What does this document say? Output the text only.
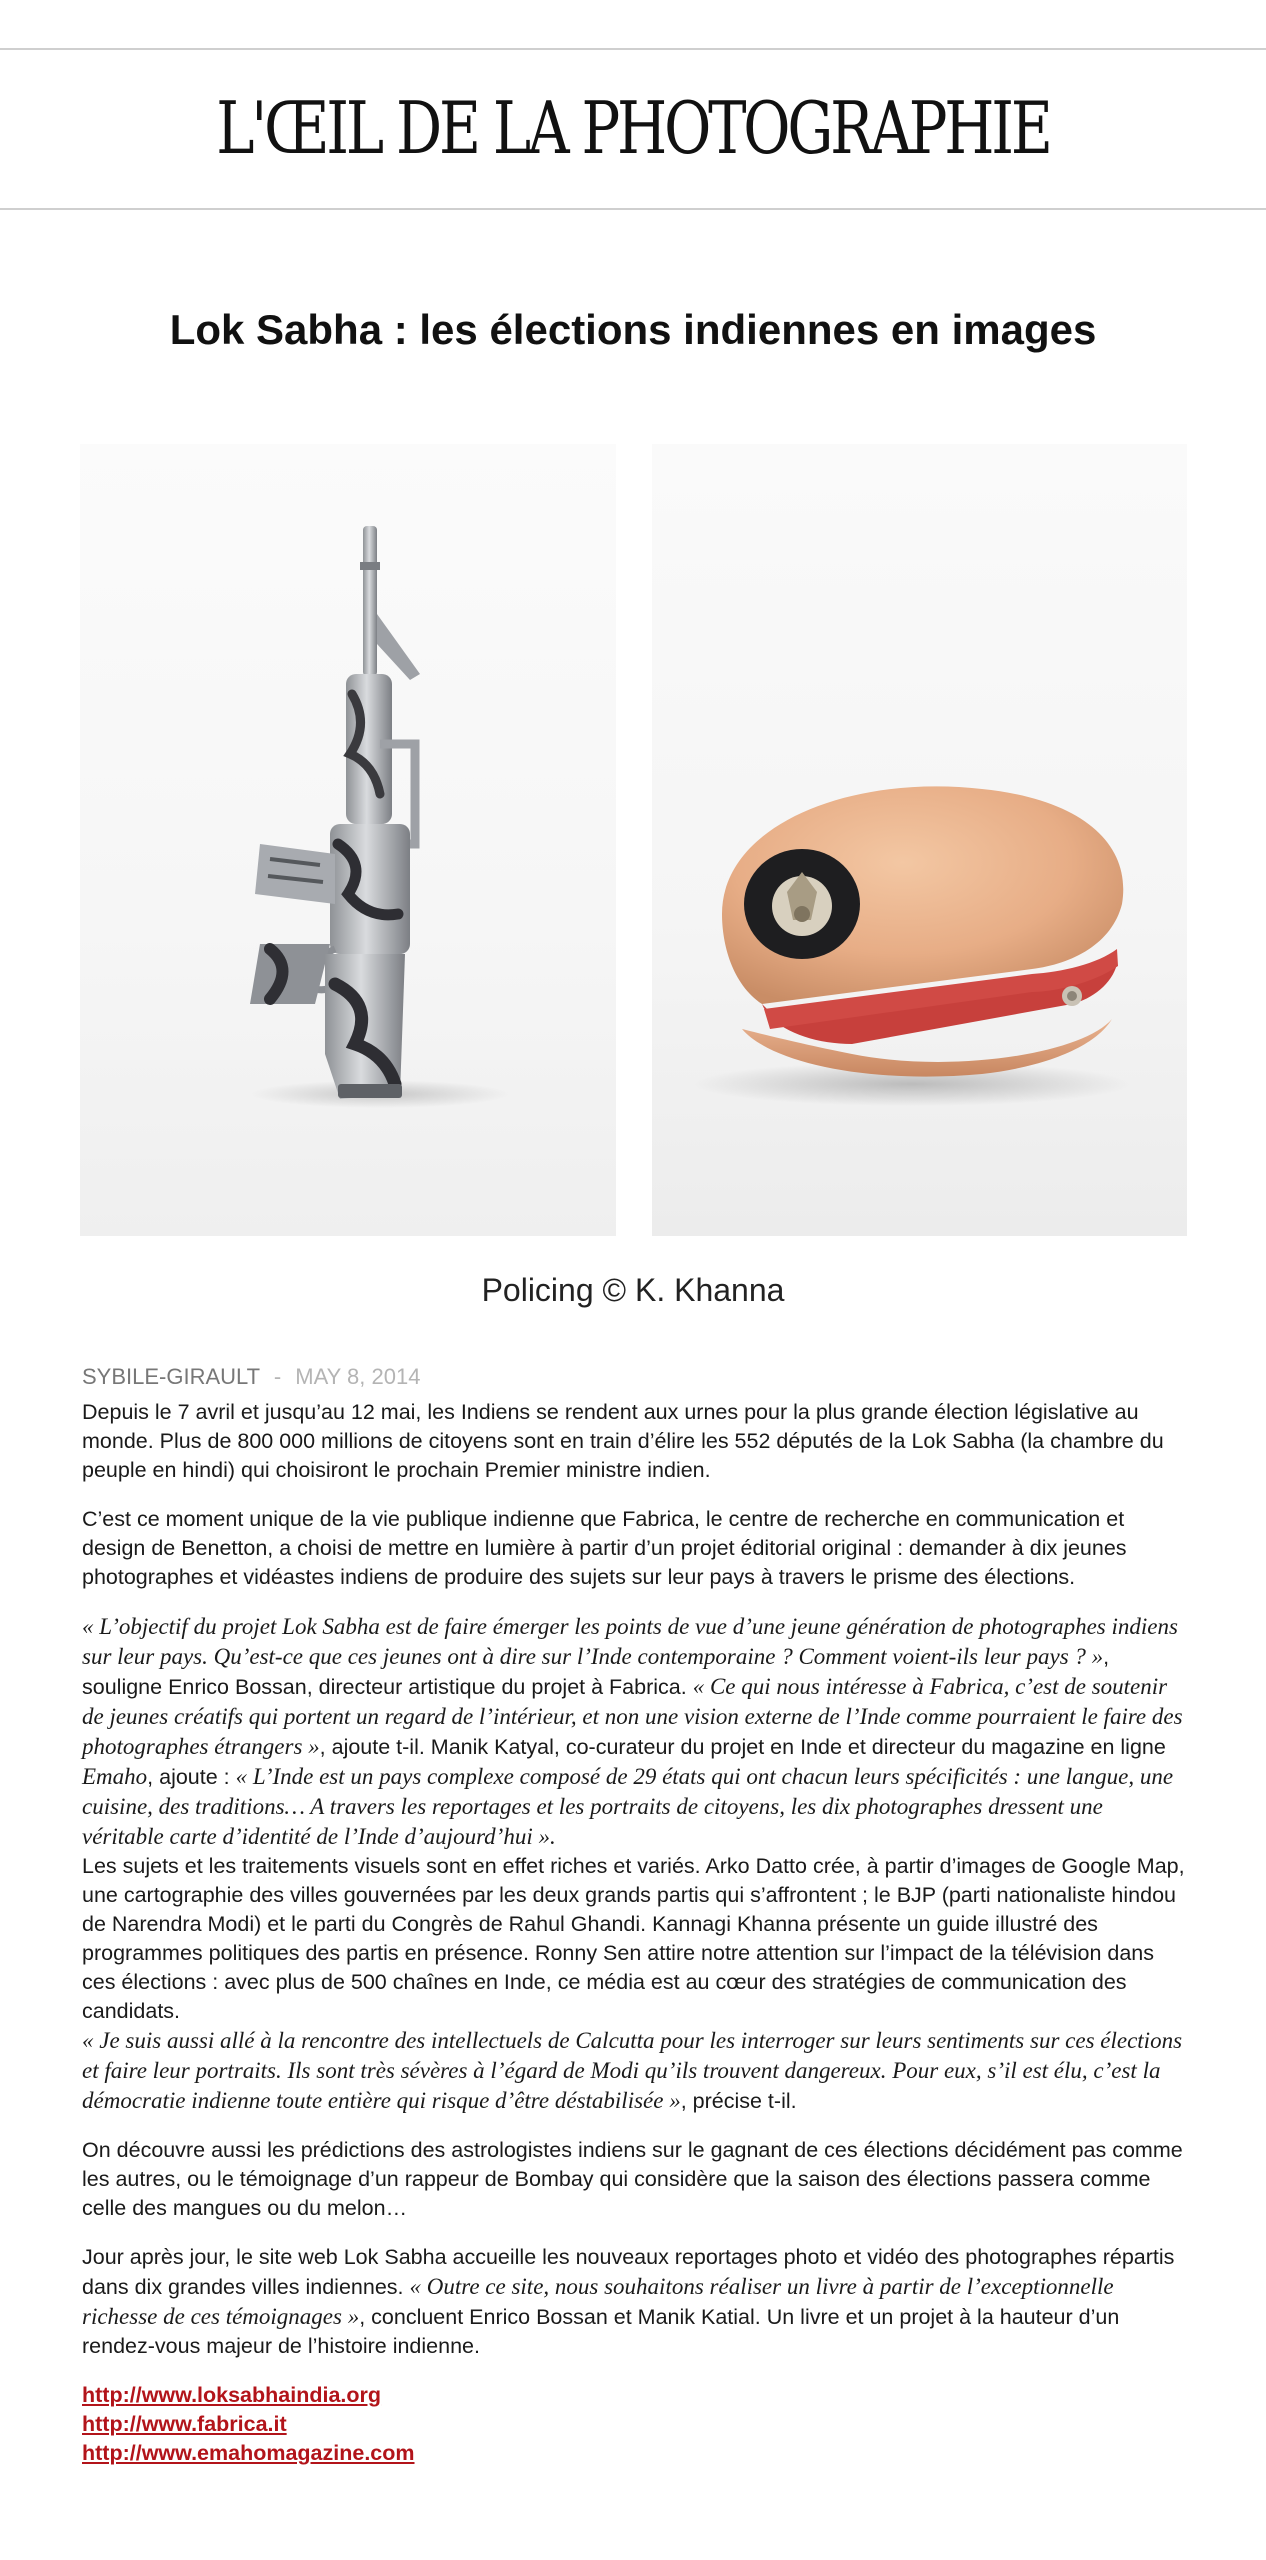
L'ŒIL DE LA PHOTOGRAPHIE
Lok Sabha : les élections indiennes en images
Policing © K. Khanna
SYBILE-GIRAULT - MAY 8, 2014

Depuis le 7 avril et jusqu’au 12 mai, les Indiens se rendent aux urnes pour la plus grande élection législative au monde. Plus de 800 000 millions de citoyens sont en train d’élire les 552 députés de la Lok Sabha (la chambre du peuple en hindi) qui choisiront le prochain Premier ministre indien.

C’est ce moment unique de la vie publique indienne que Fabrica, le centre de recherche en communication et design de Benetton, a choisi de mettre en lumière à partir d’un projet éditorial original : demander à dix jeunes photographes et vidéastes indiens de produire des sujets sur leur pays à travers le prisme des élections.

« L’objectif du projet Lok Sabha est de faire émerger les points de vue d’une jeune génération de photographes indiens sur leur pays. Qu’est-ce que ces jeunes ont à dire sur l’Inde contemporaine ? Comment voient-ils leur pays ? », souligne Enrico Bossan, directeur artistique du projet à Fabrica. « Ce qui nous intéresse à Fabrica, c’est de soutenir de jeunes créatifs qui portent un regard de l’intérieur, et non une vision externe de l’Inde comme pourraient le faire des photographes étrangers », ajoute t-il. Manik Katyal, co-curateur du projet en Inde et directeur du magazine en ligne Emaho, ajoute : « L’Inde est un pays complexe composé de 29 états qui ont chacun leurs spécificités : une langue, une cuisine, des traditions… A travers les reportages et les portraits de citoyens, les dix photographes dressent une véritable carte d’identité de l’Inde d’aujourd’hui ».

Les sujets et les traitements visuels sont en effet riches et variés. Arko Datto crée, à partir d’images de Google Map, une cartographie des villes gouvernées par les deux grands partis qui s’affrontent ; le BJP (parti nationaliste hindou de Narendra Modi) et le parti du Congrès de Rahul Ghandi. Kannagi Khanna présente un guide illustré des programmes politiques des partis en présence. Ronny Sen attire notre attention sur l’impact de la télévision dans ces élections : avec plus de 500 chaînes en Inde, ce média est au cœur des stratégies de communication des candidats.

« Je suis aussi allé à la rencontre des intellectuels de Calcutta pour les interroger sur leurs sentiments sur ces élections et faire leur portraits. Ils sont très sévères à l’égard de Modi qu’ils trouvent dangereux. Pour eux, s’il est élu, c’est la démocratie indienne toute entière qui risque d’être déstabilisée », précise t-il.

On découvre aussi les prédictions des astrologistes indiens sur le gagnant de ces élections décidément pas comme les autres, ou le témoignage d’un rappeur de Bombay qui considère que la saison des élections passera comme celle des mangues ou du melon…

Jour après jour, le site web Lok Sabha accueille les nouveaux reportages photo et vidéo des photographes répartis dans dix grandes villes indiennes. « Outre ce site, nous souhaitons réaliser un livre à partir de l’exceptionnelle richesse de ces témoignages », concluent Enrico Bossan et Manik Katial. Un livre et un projet à la hauteur d’un rendez-vous majeur de l’histoire indienne.

http://www.loksabhaindia.org
http://www.fabrica.it
http://www.emahomagazine.com
